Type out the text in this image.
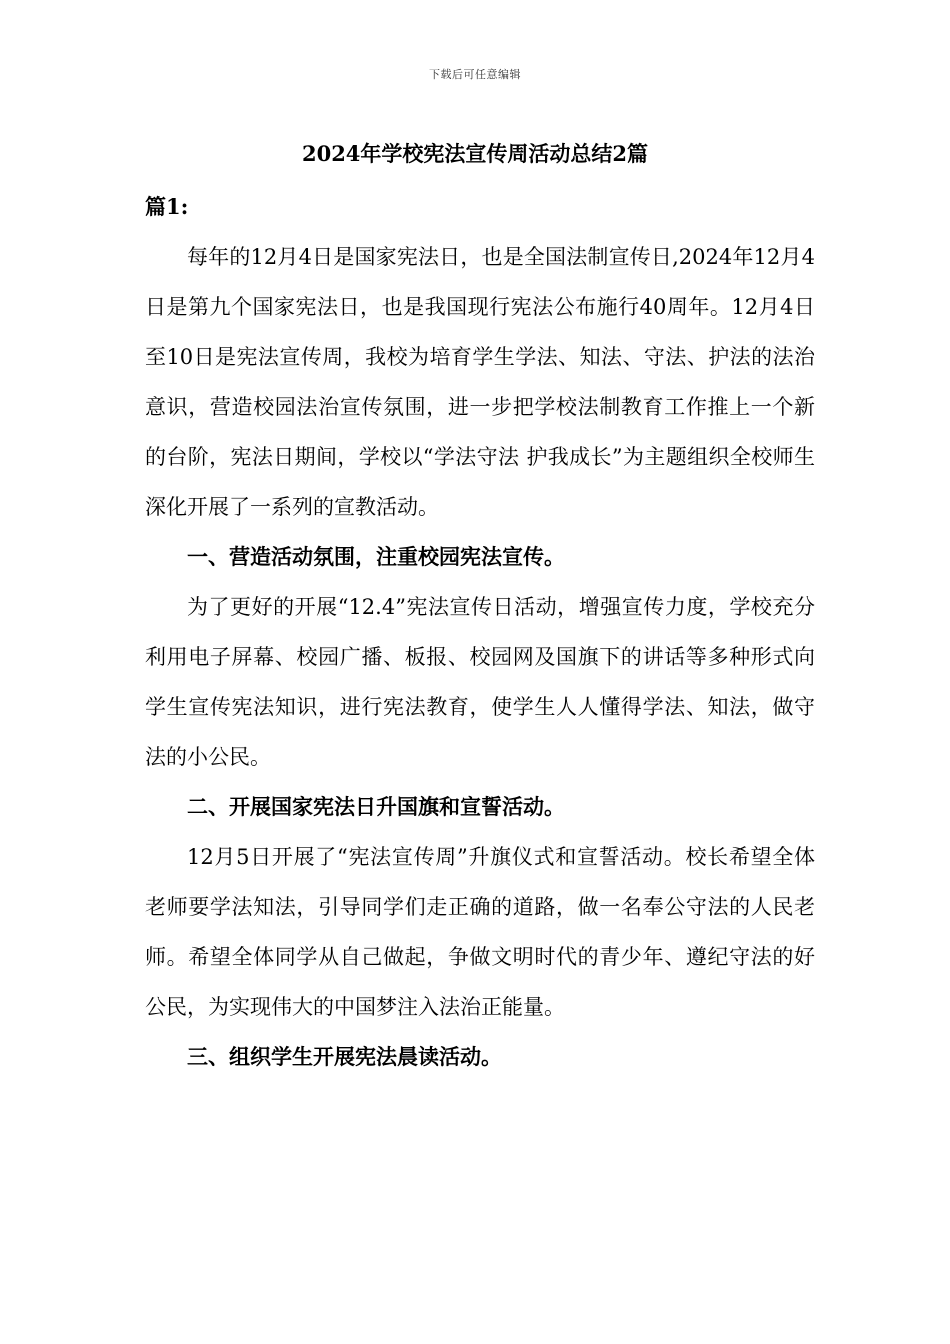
下载后可任意编辑
2024年学校宪法宣传周活动总结2篇

篇1:

每年的12月4日是国家宪法日，也是全国法制宣传日,2024年12月4日是第九个国家宪法日，也是我国现行宪法公布施行40周年。12月4日至10日是宪法宣传周，我校为培育学生学法、知法、守法、护法的法治意识，营造校园法治宣传氛围，进一步把学校法制教育工作推上一个新的台阶，宪法日期间，学校以“学法守法 护我成长”为主题组织全校师生深化开展了一系列的宣教活动。

一、营造活动氛围，注重校园宪法宣传。

为了更好的开展“12.4”宪法宣传日活动，增强宣传力度，学校充分利用电子屏幕、校园广播、板报、校园网及国旗下的讲话等多种形式向学生宣传宪法知识，进行宪法教育，使学生人人懂得学法、知法，做守法的小公民。

二、开展国家宪法日升国旗和宣誓活动。

12月5日开展了“宪法宣传周”升旗仪式和宣誓活动。校长希望全体老师要学法知法，引导同学们走正确的道路，做一名奉公守法的人民老师。希望全体同学从自己做起，争做文明时代的青少年、遵纪守法的好公民，为实现伟大的中国梦注入法治正能量。

三、组织学生开展宪法晨读活动。
